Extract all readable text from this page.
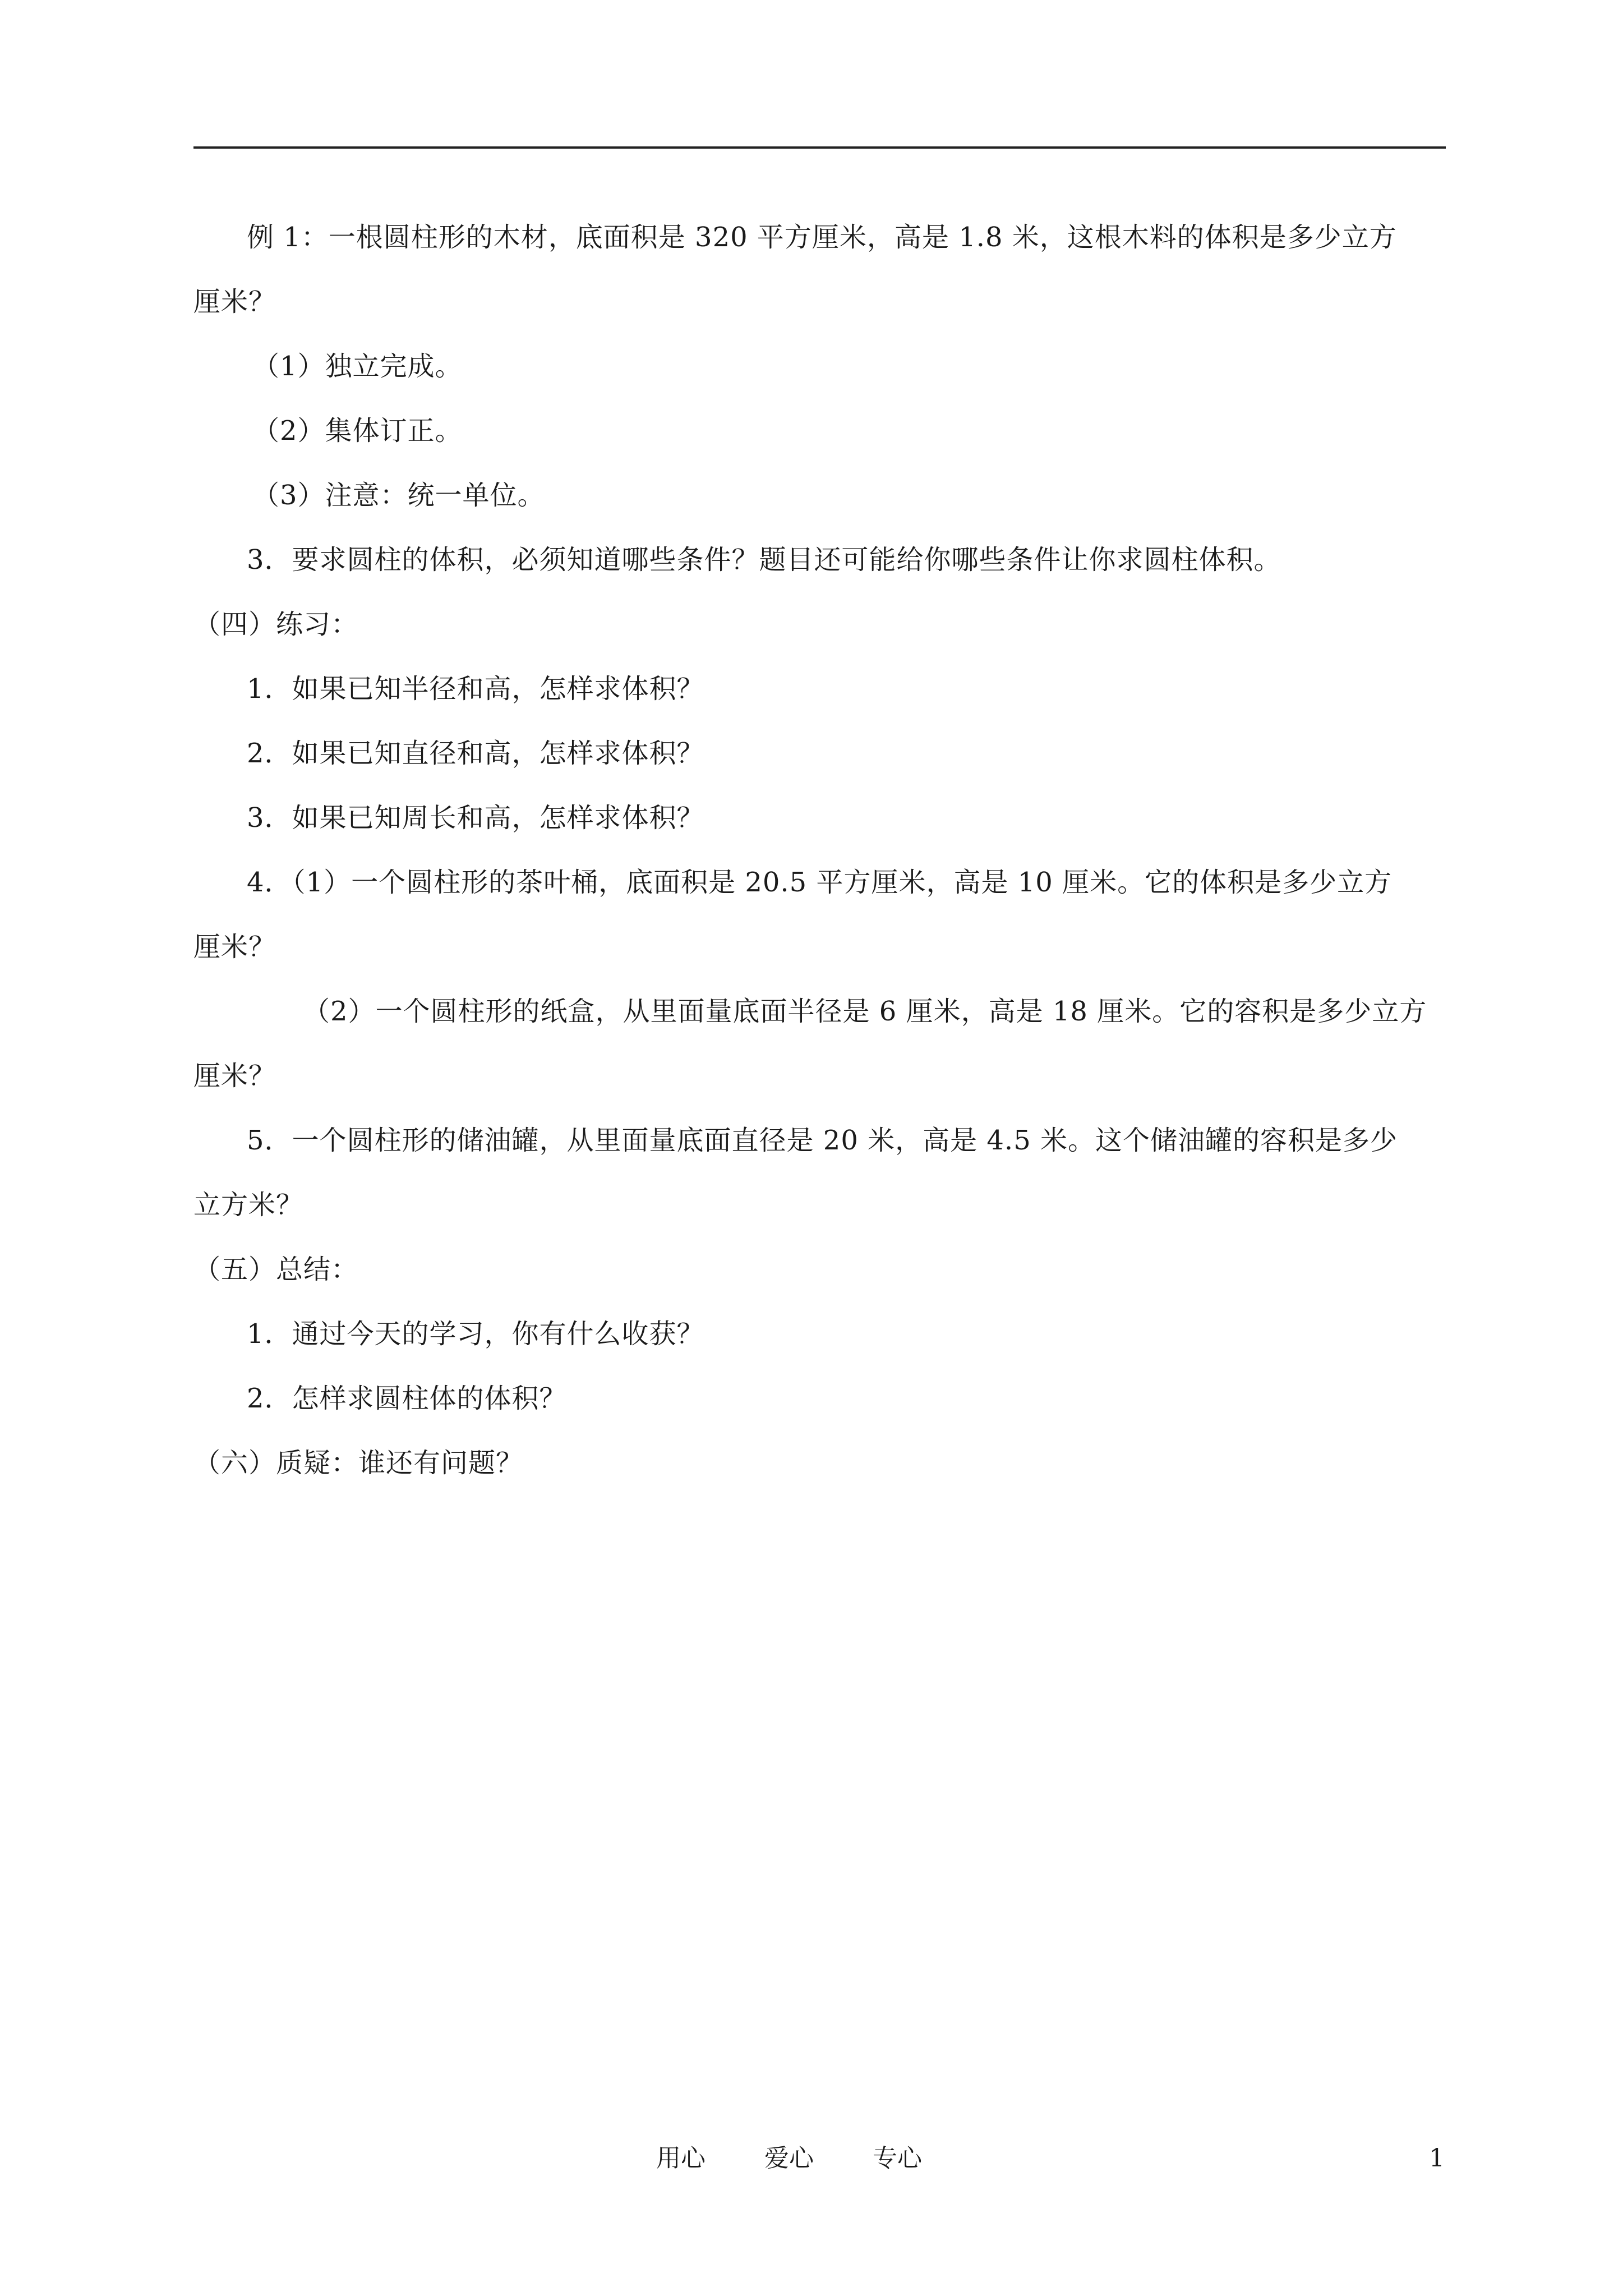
例 1：一根圆柱形的木材，底面积是 320 平方厘米，高是 1.8 米，这根木料的体积是多少立方
厘米？
（1）独立完成。
（2）集体订正。
（3）注意：统一单位。
3．要求圆柱的体积，必须知道哪些条件？题目还可能给你哪些条件让你求圆柱体积。
（四）练习：
1．如果已知半径和高，怎样求体积？
2．如果已知直径和高，怎样求体积？
3．如果已知周长和高，怎样求体积？
4．（1）一个圆柱形的茶叶桶，底面积是 20.5 平方厘米，高是 10 厘米。它的体积是多少立方
厘米？
（2）一个圆柱形的纸盒，从里面量底面半径是 6 厘米，高是 18 厘米。它的容积是多少立方
厘米？
5．一个圆柱形的储油罐，从里面量底面直径是 20 米，高是 4.5 米。这个储油罐的容积是多少
立方米？
（五）总结：
1．通过今天的学习，你有什么收获？
2．怎样求圆柱体的体积？
（六）质疑：谁还有问题？
用心 爱心 专心	1
